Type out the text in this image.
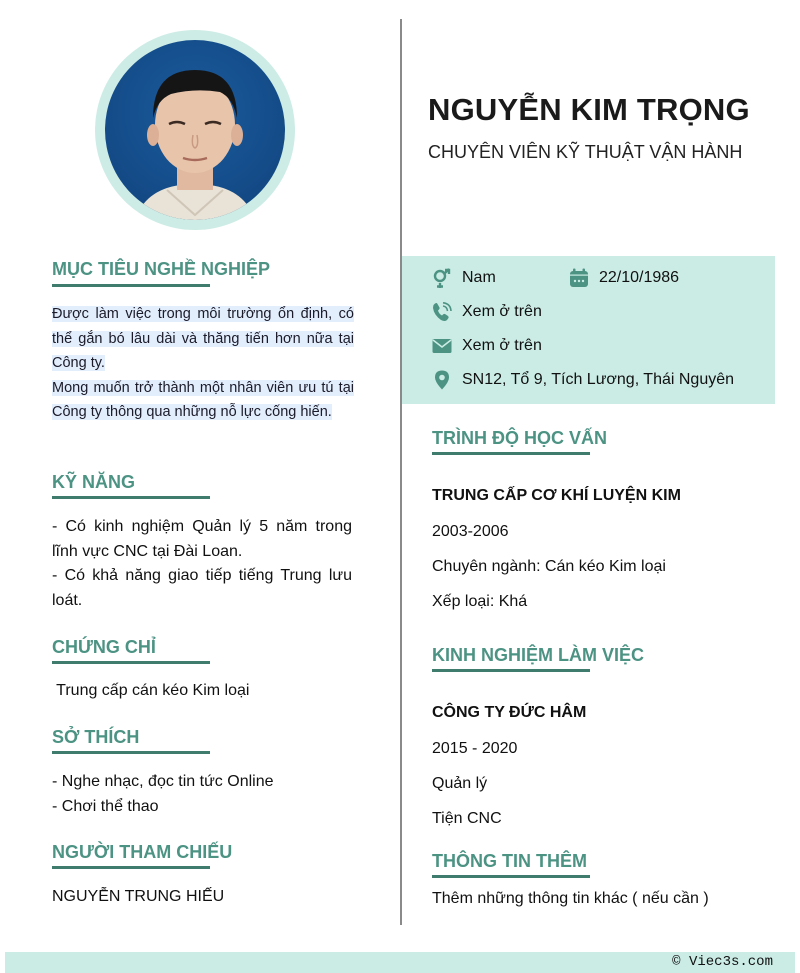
NGUYỄN KIM TRỌNG
CHUYÊN VIÊN KỸ THUẬT VẬN HÀNH
Nam	22/10/1986
Xem ở trên
Xem ở trên
SN12, Tổ 9, Tích Lương, Thái Nguyên
MỤC TIÊU NGHỀ NGHIỆP
Được làm việc trong môi trường ổn định, có thể gắn bó lâu dài và thăng tiến hơn nữa tại Công ty.
Mong muốn trở thành một nhân viên ưu tú tại Công ty thông qua những nỗ lực cống hiến.
KỸ NĂNG
- Có kinh nghiệm Quản lý 5 năm trong lĩnh vực CNC tại Đài Loan.
- Có khả năng giao tiếp tiếng Trung lưu loát.
CHỨNG CHỈ
Trung cấp cán kéo Kim loại
SỞ THÍCH
- Nghe nhạc, đọc tin tức Online
- Chơi thể thao
NGƯỜI THAM CHIẾU
NGUYỄN TRUNG HIẾU
TRÌNH ĐỘ HỌC VẤN
TRUNG CẤP CƠ KHÍ LUYỆN KIM
2003-2006
Chuyên ngành: Cán kéo Kim loại
Xếp loại: Khá
KINH NGHIỆM LÀM VIỆC
CÔNG TY ĐỨC HÂM
2015 - 2020
Quản lý
Tiện CNC
THÔNG TIN THÊM
Thêm những thông tin khác ( nếu cần )
© Viec3s.com
